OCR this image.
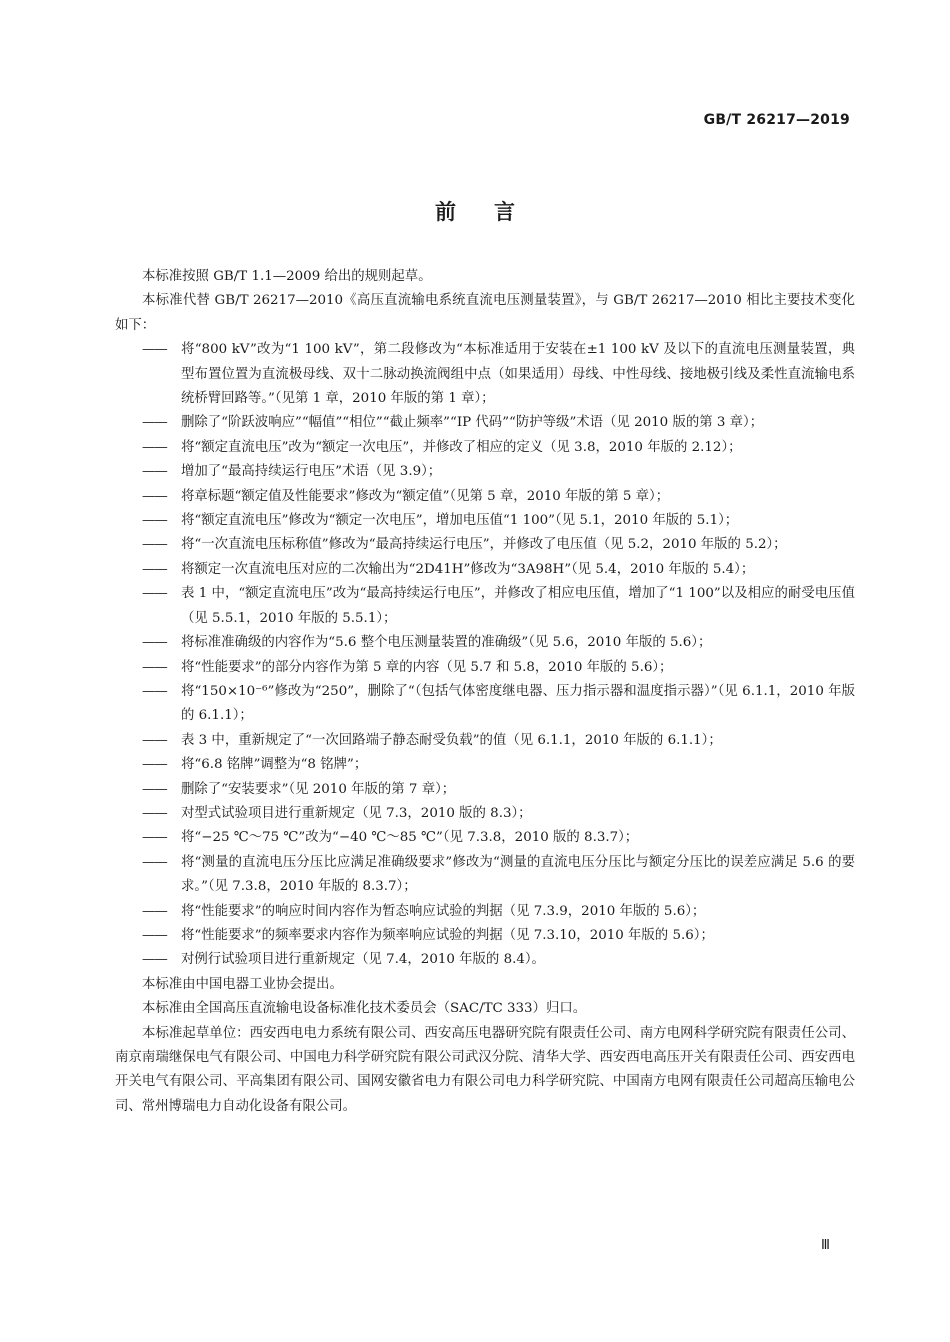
GB/T 26217—2019
前言

本标准按照 GB/T 1.1—2009 给出的规则起草。

本标准代替 GB/T 26217—2010《高压直流输电系统直流电压测量装置》，与 GB/T 26217—2010 相比主要技术变化如下：

——	将“800 kV”改为“1 100 kV”，第二段修改为“本标准适用于安装在±1 100 kV 及以下的直流电压测量装置，典型布置位置为直流极母线、双十二脉动换流阀组中点（如果适用）母线、中性母线、接地极引线及柔性直流输电系统桥臂回路等。”（见第 1 章，2010 年版的第 1 章）；

——	删除了“阶跃波响应”“幅值”“相位”“截止频率”“IP 代码”“防护等级”术语（见 2010 版的第 3 章）；

——	将“额定直流电压”改为“额定一次电压”，并修改了相应的定义（见 3.8，2010 年版的 2.12）；

——	增加了“最高持续运行电压”术语（见 3.9）；

——	将章标题“额定值及性能要求”修改为“额定值”（见第 5 章，2010 年版的第 5 章）；

——	将“额定直流电压”修改为“额定一次电压”，增加电压值“1 100”（见 5.1，2010 年版的 5.1）；

——	将“一次直流电压标称值”修改为“最高持续运行电压”，并修改了电压值（见 5.2，2010 年版的 5.2）；

——	将额定一次直流电压对应的二次输出为“2D41H”修改为“3A98H”（见 5.4，2010 年版的 5.4）；

——	表 1 中，“额定直流电压”改为“最高持续运行电压”，并修改了相应电压值，增加了“1 100”以及相应的耐受电压值（见 5.5.1，2010 年版的 5.5.1）；

——	将标准准确级的内容作为“5.6 整个电压测量装置的准确级”（见 5.6，2010 年版的 5.6）；

——	将“性能要求”的部分内容作为第 5 章的内容（见 5.7 和 5.8，2010 年版的 5.6）；

——	将“150×10⁻⁶”修改为“250”，删除了“（包括气体密度继电器、压力指示器和温度指示器）”（见 6.1.1，2010 年版的 6.1.1）；

——	表 3 中，重新规定了“一次回路端子静态耐受负载”的值（见 6.1.1，2010 年版的 6.1.1）；

——	将“6.8 铭牌”调整为“8 铭牌”；

——	删除了“安装要求”（见 2010 年版的第 7 章）；

——	对型式试验项目进行重新规定（见 7.3，2010 版的 8.3）；

——	将“−25 ℃～75 ℃”改为“−40 ℃～85 ℃”（见 7.3.8，2010 版的 8.3.7）；

——	将“测量的直流电压分压比应满足准确级要求”修改为“测量的直流电压分压比与额定分压比的误差应满足 5.6 的要求。”（见 7.3.8，2010 年版的 8.3.7）；

——	将“性能要求”的响应时间内容作为暂态响应试验的判据（见 7.3.9，2010 年版的 5.6）；

——	将“性能要求”的频率要求内容作为频率响应试验的判据（见 7.3.10，2010 年版的 5.6）；

——	对例行试验项目进行重新规定（见 7.4，2010 年版的 8.4）。

本标准由中国电器工业协会提出。

本标准由全国高压直流输电设备标准化技术委员会（SAC/TC 333）归口。

本标准起草单位：西安西电电力系统有限公司、西安高压电器研究院有限责任公司、南方电网科学研究院有限责任公司、南京南瑞继保电气有限公司、中国电力科学研究院有限公司武汉分院、清华大学、西安西电高压开关有限责任公司、西安西电开关电气有限公司、平高集团有限公司、国网安徽省电力有限公司电力科学研究院、中国南方电网有限责任公司超高压输电公司、常州博瑞电力自动化设备有限公司。

Ⅲ
